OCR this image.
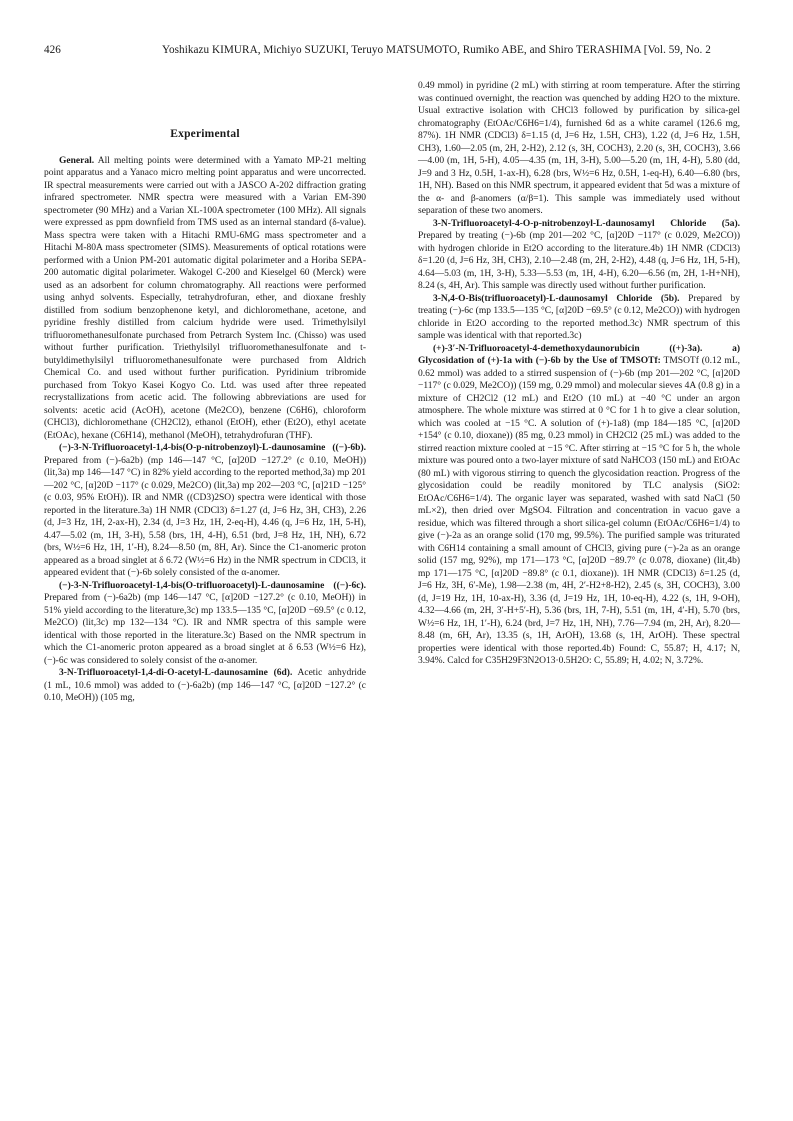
426	Yoshikazu KIMURA, Michiyo SUZUKI, Teruyo MATSUMOTO, Rumiko ABE, and Shiro TERASHIMA [Vol. 59, No. 2
Experimental

General. All melting points were determined with a Yamato MP-21 melting point apparatus and a Yanaco micro melting point apparatus and were uncorrected. IR spectral measurements were carried out with a JASCO A-202 diffraction grating infrared spectrometer. NMR spectra were measured with a Varian EM-390 spectrometer (90 MHz) and a Varian XL-100A spectrometer (100 MHz). All signals were expressed as ppm downfield from TMS used as an internal standard (δ-value). Mass spectra were taken with a Hitachi RMU-6MG mass spectrometer and a Hitachi M-80A mass spectrometer (SIMS). Measurements of optical rotations were performed with a Union PM-201 automatic digital polarimeter and a Horiba SEPA-200 automatic digital polarimeter. Wakogel C-200 and Kieselgel 60 (Merck) were used as an adsorbent for column chromatography. All reactions were performed using anhyd solvents. Especially, tetrahydrofuran, ether, and dioxane freshly distilled from sodium benzophenone ketyl, and dichloromethane, acetone, and pyridine freshly distilled from calcium hydride were used. Trimethylsilyl trifluoromethanesulfonate purchased from Petrarch System Inc. (Chisso) was used without further purification. Triethylsilyl trifluoromethanesulfonate and t-butyldimethylsilyl trifluoromethanesulfonate were purchased from Aldrich Chemical Co. and used without further purification. Pyridinium tribromide purchased from Tokyo Kasei Kogyo Co. Ltd. was used after three repeated recrystallizations from acetic acid. The following abbreviations are used for solvents: acetic acid (AcOH), acetone (Me2CO), benzene (C6H6), chloroform (CHCl3), dichloromethane (CH2Cl2), ethanol (EtOH), ether (Et2O), ethyl acetate (EtOAc), hexane (C6H14), methanol (MeOH), tetrahydrofuran (THF).

(−)-3-N-Trifluoroacetyl-1,4-bis(O-p-nitrobenzoyl)-L-daunosamine ((−)-6b). Prepared from (−)-6a2b) (mp 146—147 °C, [α]20D −127.2° (c 0.10, MeOH)) (lit,3a) mp 146—147 °C) in 82% yield according to the reported method,3a) mp 201—202 °C, [α]20D −117° (c 0.029, Me2CO) (lit,3a) mp 202—203 °C, [α]21D −125° (c 0.03, 95% EtOH)). IR and NMR ((CD3)2SO) spectra were identical with those reported in the literature.3a) 1H NMR (CDCl3) δ=1.27 (d, J=6 Hz, 3H, CH3), 2.26 (d, J=3 Hz, 1H, 2-ax-H), 2.34 (d, J=3 Hz, 1H, 2-eq-H), 4.46 (q, J=6 Hz, 1H, 5-H), 4.47—5.02 (m, 1H, 3-H), 5.58 (brs, 1H, 4-H), 6.51 (brd, J=8 Hz, 1H, NH), 6.72 (brs, W½=6 Hz, 1H, 1′-H), 8.24—8.50 (m, 8H, Ar). Since the C1-anomeric proton appeared as a broad singlet at δ 6.72 (W½=6 Hz) in the NMR spectrum in CDCl3, it appeared evident that (−)-6b solely consisted of the α-anomer.

(−)-3-N-Trifluoroacetyl-1,4-bis(O-trifluoroacetyl)-L-daunosamine ((−)-6c). Prepared from (−)-6a2b) (mp 146—147 °C, [α]20D −127.2° (c 0.10, MeOH)) in 51% yield according to the literature,3c) mp 133.5—135 °C, [α]20D −69.5° (c 0.12, Me2CO) (lit,3c) mp 132—134 °C). IR and NMR spectra of this sample were identical with those reported in the literature.3c) Based on the NMR spectrum in which the C1-anomeric proton appeared as a broad singlet at δ 6.53 (W½=6 Hz), (−)-6c was considered to solely consist of the α-anomer.

3-N-Trifluoroacetyl-1,4-di-O-acetyl-L-daunosamine (6d). Acetic anhydride (1 mL, 10.6 mmol) was added to (−)-6a2b) (mp 146—147 °C, [α]20D −127.2° (c 0.10, MeOH)) (105 mg,

0.49 mmol) in pyridine (2 mL) with stirring at room temperature. After the stirring was continued overnight, the reaction was quenched by adding H2O to the mixture. Usual extractive isolation with CHCl3 followed by purification by silica-gel chromatography (EtOAc/C6H6=1/4), furnished 6d as a white caramel (126.6 mg, 87%). 1H NMR (CDCl3) δ=1.15 (d, J=6 Hz, 1.5H, CH3), 1.22 (d, J=6 Hz, 1.5H, CH3), 1.60—2.05 (m, 2H, 2-H2), 2.12 (s, 3H, COCH3), 2.20 (s, 3H, COCH3), 3.66—4.00 (m, 1H, 5-H), 4.05—4.35 (m, 1H, 3-H), 5.00—5.20 (m, 1H, 4-H), 5.80 (dd, J=9 and 3 Hz, 0.5H, 1-ax-H), 6.28 (brs, W½=6 Hz, 0.5H, 1-eq-H), 6.40—6.80 (brs, 1H, NH). Based on this NMR spectrum, it appeared evident that 5d was a mixture of the α- and β-anomers (α/β=1). This sample was immediately used without separation of these two anomers.

3-N-Trifluoroacetyl-4-O-p-nitrobenzoyl-L-daunosamyl Chloride (5a). Prepared by treating (−)-6b (mp 201—202 °C, [α]20D −117° (c 0.029, Me2CO)) with hydrogen chloride in Et2O according to the literature.4b) 1H NMR (CDCl3) δ=1.20 (d, J=6 Hz, 3H, CH3), 2.10—2.48 (m, 2H, 2-H2), 4.48 (q, J=6 Hz, 1H, 5-H), 4.64—5.03 (m, 1H, 3-H), 5.33—5.53 (m, 1H, 4-H), 6.20—6.56 (m, 2H, 1-H+NH), 8.24 (s, 4H, Ar). This sample was directly used without further purification.

3-N,4-O-Bis(trifluoroacetyl)-L-daunosamyl Chloride (5b). Prepared by treating (−)-6c (mp 133.5—135 °C, [α]20D −69.5° (c 0.12, Me2CO)) with hydrogen chloride in Et2O according to the reported method.3c) NMR spectrum of this sample was identical with that reported.3c)

(+)-3′-N-Trifluoroacetyl-4-demethoxydaunorubicin ((+)-3a). a) Glycosidation of (+)-1a with (−)-6b by the Use of TMSOTf: TMSOTf (0.12 mL, 0.62 mmol) was added to a stirred suspension of (−)-6b (mp 201—202 °C, [α]20D −117° (c 0.029, Me2CO)) (159 mg, 0.29 mmol) and molecular sieves 4A (0.8 g) in a mixture of CH2Cl2 (12 mL) and Et2O (10 mL) at −40 °C under an argon atmosphere. The whole mixture was stirred at 0 °C for 1 h to give a clear solution, which was cooled at −15 °C. A solution of (+)-1a8) (mp 184—185 °C, [α]20D +154° (c 0.10, dioxane)) (85 mg, 0.23 mmol) in CH2Cl2 (25 mL) was added to the stirred reaction mixture cooled at −15 °C. After stirring at −15 °C for 5 h, the whole mixture was poured onto a two-layer mixture of satd NaHCO3 (150 mL) and EtOAc (80 mL) with vigorous stirring to quench the glycosidation reaction. Progress of the glycosidation could be readily monitored by TLC analysis (SiO2: EtOAc/C6H6=1/4). The organic layer was separated, washed with satd NaCl (50 mL×2), then dried over MgSO4. Filtration and concentration in vacuo gave a residue, which was filtered through a short silica-gel column (EtOAc/C6H6=1/4) to give (−)-2a as an orange solid (170 mg, 99.5%). The purified sample was triturated with C6H14 containing a small amount of CHCl3, giving pure (−)-2a as an orange solid (157 mg, 92%), mp 171—173 °C, [α]20D −89.7° (c 0.078, dioxane) (lit,4b) mp 171—175 °C, [α]20D −89.8° (c 0.1, dioxane)). 1H NMR (CDCl3) δ=1.25 (d, J=6 Hz, 3H, 6′-Me), 1.98—2.38 (m, 4H, 2′-H2+8-H2), 2.45 (s, 3H, COCH3), 3.00 (d, J=19 Hz, 1H, 10-ax-H), 3.36 (d, J=19 Hz, 1H, 10-eq-H), 4.22 (s, 1H, 9-OH), 4.32—4.66 (m, 2H, 3′-H+5′-H), 5.36 (brs, 1H, 7-H), 5.51 (m, 1H, 4′-H), 5.70 (brs, W½=6 Hz, 1H, 1′-H), 6.24 (brd, J=7 Hz, 1H, NH), 7.76—7.94 (m, 2H, Ar), 8.20—8.48 (m, 6H, Ar), 13.35 (s, 1H, ArOH), 13.68 (s, 1H, ArOH). These spectral properties were identical with those reported.4b) Found: C, 55.87; H, 4.17; N, 3.94%. Calcd for C35H29F3N2O13·0.5H2O: C, 55.89; H, 4.02; N, 3.72%.
